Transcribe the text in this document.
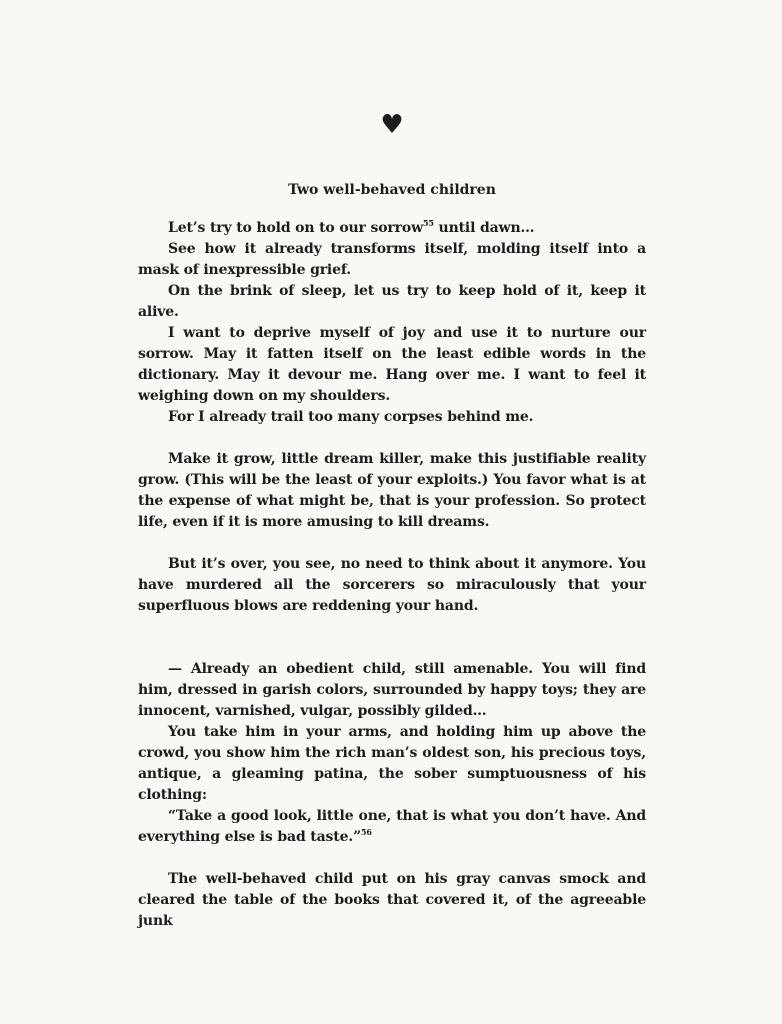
♥
Two well-behaved children

Let’s try to hold on to our sorrow$^{55}$ until dawn…

See how it already transforms itself, molding itself into a mask of inexpressible grief.

On the brink of sleep, let us try to keep hold of it, keep it alive.

I want to deprive myself of joy and use it to nurture our sorrow. May it fatten itself on the least edible words in the dictionary. May it devour me. Hang over me. I want to feel it weighing down on my shoulders.

For I already trail too many corpses behind me.

Make it grow, little dream killer, make this justifiable reality grow. (This will be the least of your exploits.) You favor what is at the expense of what might be, that is your profession. So protect life, even if it is more amusing to kill dreams.

But it’s over, you see, no need to think about it anymore. You have murdered all the sorcerers so miraculously that your superfluous blows are reddening your hand.

— Already an obedient child, still amenable. You will find him, dressed in garish colors, surrounded by happy toys; they are innocent, varnished, vulgar, possibly gilded…

You take him in your arms, and holding him up above the crowd, you show him the rich man’s oldest son, his precious toys, antique, a gleaming patina, the sober sumptuousness of his clothing:

“Take a good look, little one, that is what you don’t have. And everything else is bad taste.”$^{56}$

The well-behaved child put on his gray canvas smock and cleared the table of the books that covered it, of the agreeable junk
